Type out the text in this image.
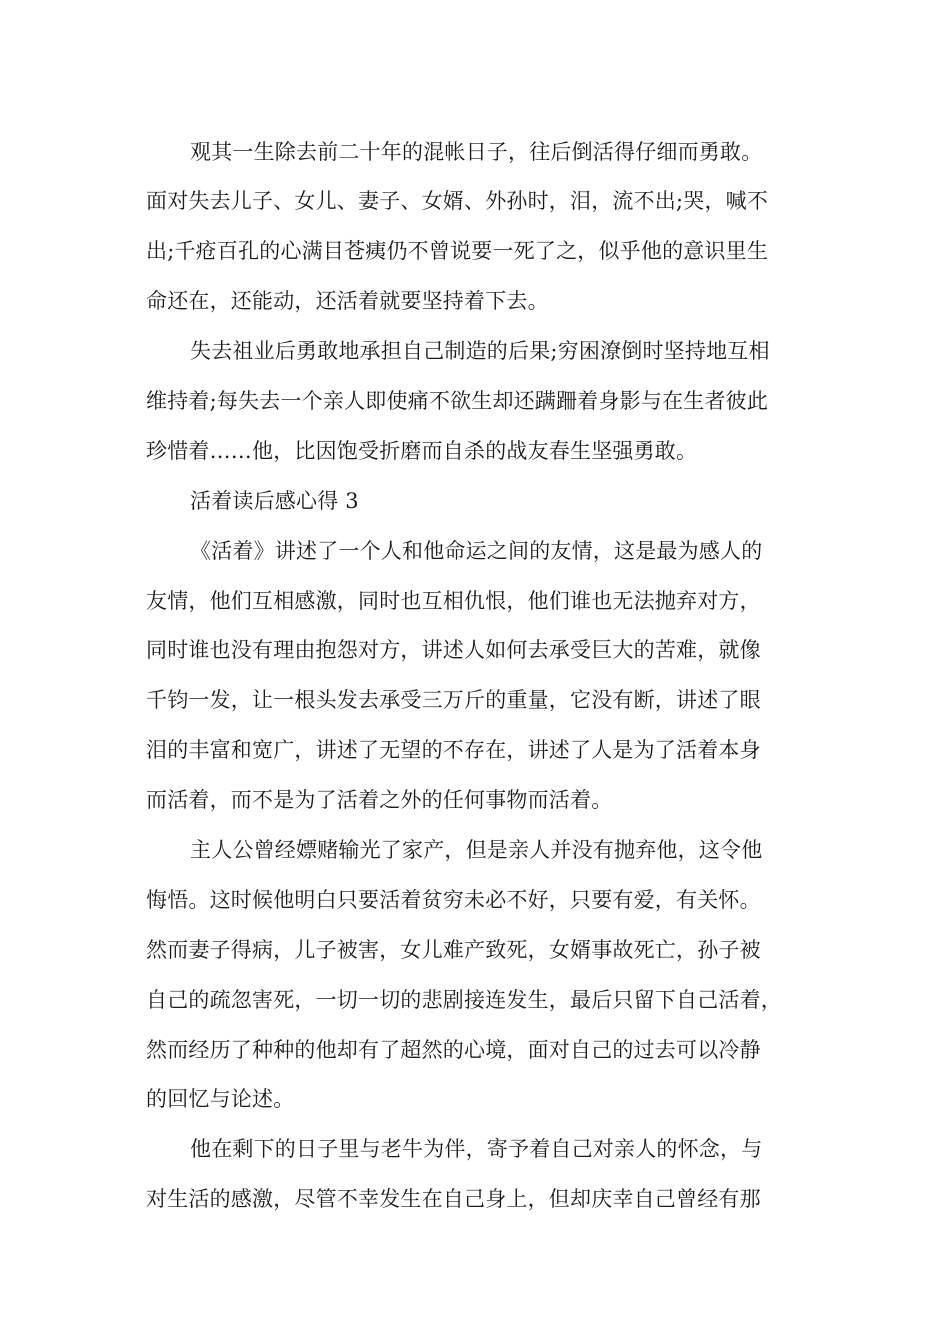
观其一生除去前二十年的混帐日子，往后倒活得仔细而勇敢。
面对失去儿子、女儿、妻子、女婿、外孙时，泪，流不出;哭，喊不
出;千疮百孔的心满目苍痍仍不曾说要一死了之，似乎他的意识里生
命还在，还能动，还活着就要坚持着下去。
失去祖业后勇敢地承担自己制造的后果;穷困潦倒时坚持地互相
维持着;每失去一个亲人即使痛不欲生却还蹒跚着身影与在生者彼此
珍惜着……他，比因饱受折磨而自杀的战友春生坚强勇敢。
活着读后感心得 3
《活着》讲述了一个人和他命运之间的友情，这是最为感人的
友情，他们互相感激，同时也互相仇恨，他们谁也无法抛弃对方，
同时谁也没有理由抱怨对方，讲述人如何去承受巨大的苦难，就像
千钧一发，让一根头发去承受三万斤的重量，它没有断，讲述了眼
泪的丰富和宽广，讲述了无望的不存在，讲述了人是为了活着本身
而活着，而不是为了活着之外的任何事物而活着。
主人公曾经嫖赌输光了家产，但是亲人并没有抛弃他，这令他
悔悟。这时候他明白只要活着贫穷未必不好，只要有爱，有关怀。
然而妻子得病，儿子被害，女儿难产致死，女婿事故死亡，孙子被
自己的疏忽害死，一切一切的悲剧接连发生，最后只留下自己活着，
然而经历了种种的他却有了超然的心境，面对自己的过去可以冷静
的回忆与论述。
他在剩下的日子里与老牛为伴，寄予着自己对亲人的怀念，与
对生活的感激，尽管不幸发生在自己身上，但却庆幸自己曾经有那
